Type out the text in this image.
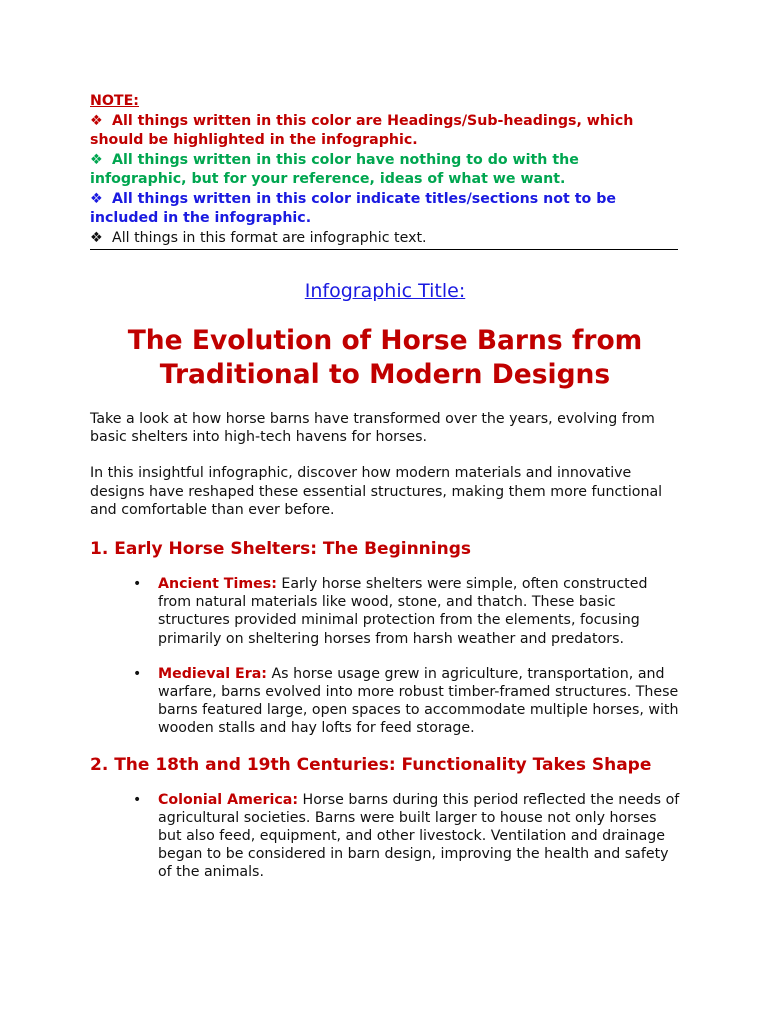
NOTE:
❖ All things written in this color are Headings/Sub-headings, which should be highlighted in the infographic.
❖ All things written in this color have nothing to do with the infographic, but for your reference, ideas of what we want.
❖ All things written in this color indicate titles/sections not to be included in the infographic.
❖ All things in this format are infographic text.
Infographic Title:
The Evolution of Horse Barns from Traditional to Modern Designs
Take a look at how horse barns have transformed over the years, evolving from basic shelters into high-tech havens for horses.
In this insightful infographic, discover how modern materials and innovative designs have reshaped these essential structures, making them more functional and comfortable than ever before.
1. Early Horse Shelters: The Beginnings
• Ancient Times: Early horse shelters were simple, often constructed from natural materials like wood, stone, and thatch. These basic structures provided minimal protection from the elements, focusing primarily on sheltering horses from harsh weather and predators.
• Medieval Era: As horse usage grew in agriculture, transportation, and warfare, barns evolved into more robust timber-framed structures. These barns featured large, open spaces to accommodate multiple horses, with wooden stalls and hay lofts for feed storage.
2. The 18th and 19th Centuries: Functionality Takes Shape
• Colonial America: Horse barns during this period reflected the needs of agricultural societies. Barns were built larger to house not only horses but also feed, equipment, and other livestock. Ventilation and drainage began to be considered in barn design, improving the health and safety of the animals.
